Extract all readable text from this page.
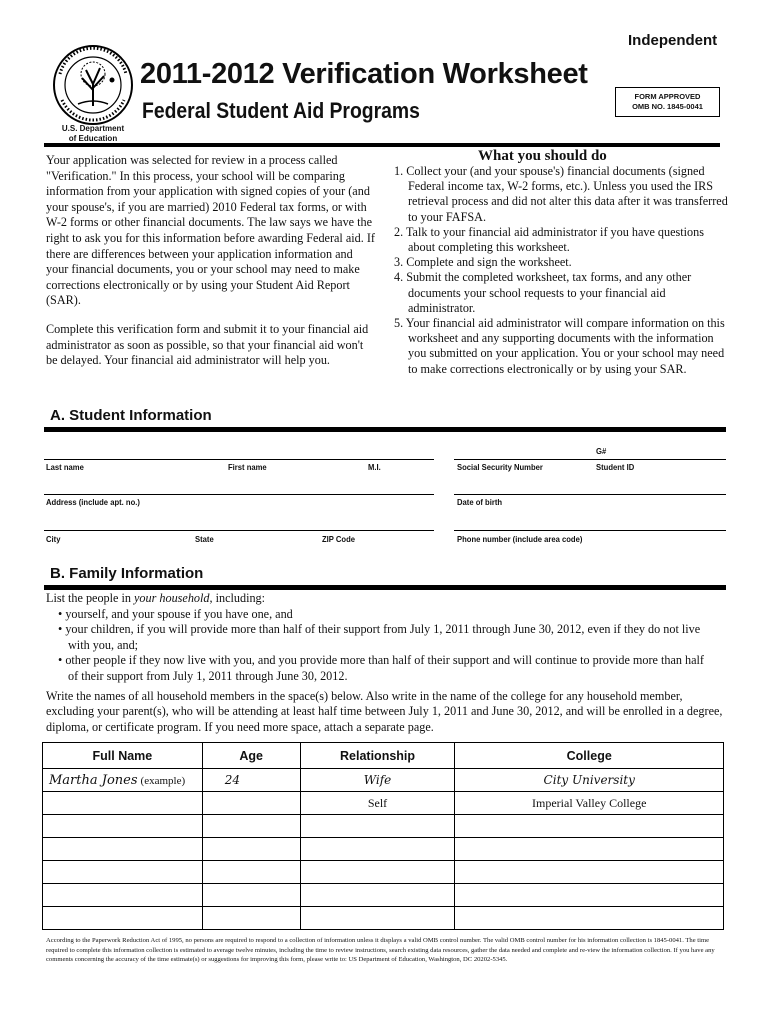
Independent
U.S. Department
of Education
2011-2012 Verification Worksheet
Federal Student Aid Programs
FORM APPROVED
OMB NO. 1845-0041

Your application was selected for review in a process called "Verification." In this process, your school will be comparing information from your application with signed copies of your (and your spouse's, if you are married) 2010 Federal tax forms, or with W-2 forms or other financial documents. The law says we have the right to ask you for this information before awarding Federal aid. If there are differences between your application information and your financial documents, you or your school may need to make corrections electronically or by using your Student Aid Report (SAR).

Complete this verification form and submit it to your financial aid administrator as soon as possible, so that your financial aid won't be delayed. Your financial aid administrator will help you.

What you should do
1. Collect your (and your spouse's) financial documents (signed Federal income tax, W-2 forms, etc.). Unless you used the IRS retrieval process and did not alter this data after it was transferred to your FAFSA.
2. Talk to your financial aid administrator if you have questions about completing this worksheet.
3. Complete and sign the worksheet.
4. Submit the completed worksheet, tax forms, and any other documents your school requests to your financial aid administrator.
5. Your financial aid administrator will compare information on this worksheet and any supporting documents with the information you submitted on your application. You or your school may need to make corrections electronically or by using your SAR.
A. Student Information
G#
Last name	First name	M.I.	Social Security Number	Student ID
Address (include apt. no.)	Date of birth
City	State	ZIP Code	Phone number (include area code)
B. Family Information
List the people in your household, including:
• yourself, and your spouse if you have one, and
• your children, if you will provide more than half of their support from July 1, 2011 through June 30, 2012, even if they do not live
with you, and;
• other people if they now live with you, and you provide more than half of their support and will continue to provide more than half
of their support from July 1, 2011 through June 30, 2012.
Write the names of all household members in the space(s) below. Also write in the name of the college for any household member, excluding your parent(s), who will be attending at least half time between July 1, 2011 and June 30, 2012, and will be enrolled in a degree, diploma, or certificate program. If you need more space, attach a separate page.
Full Name	Age	Relationship	College
Martha Jones (example)	24	Wife	City University
		Self	Imperial Valley College

According to the Paperwork Reduction Act of 1995, no persons are required to respond to a collection of information unless it displays a valid OMB control number. The valid OMB control number for his information collection is 1845-0041. The time required to complete this information collection is estimated to average twelve minutes, including the time to review instructions, search existing data resources, gather the data needed and complete and re-view the information collection. If you have any comments concerning the accuracy of the time estimate(s) or suggestions for improving this form, please write to: US Department of Education, Washington, DC 20202-5345.
